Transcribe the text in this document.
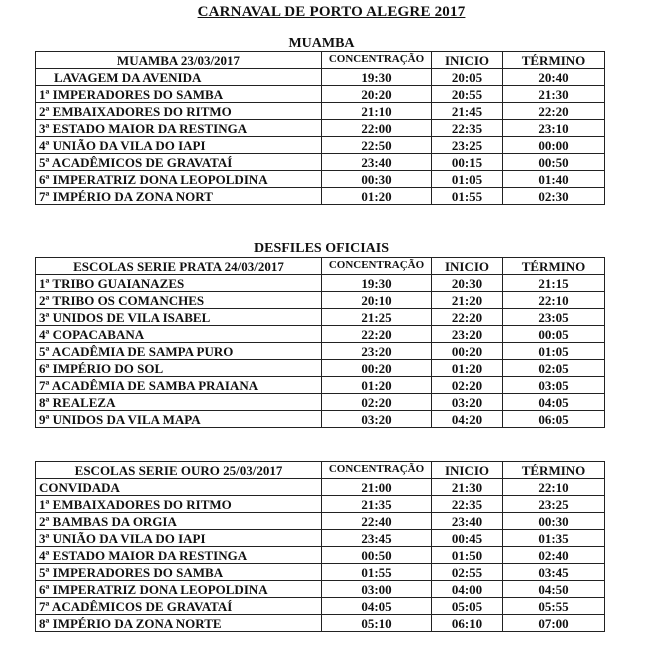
CARNAVAL DE PORTO ALEGRE 2017
MUAMBA
MUAMBA 23/03/2017	CONCENTRAÇÃO	INICIO	TÉRMINO
LAVAGEM DA AVENIDA	19:30	20:05	20:40
1ª IMPERADORES DO SAMBA	20:20	20:55	21:30
2ª EMBAIXADORES DO RITMO	21:10	21:45	22:20
3ª ESTADO MAIOR DA RESTINGA	22:00	22:35	23:10
4ª UNIÃO DA VILA DO IAPI	22:50	23:25	00:00
5ª ACADÊMICOS DE GRAVATAÍ	23:40	00:15	00:50
6ª IMPERATRIZ DONA LEOPOLDINA	00:30	01:05	01:40
7ª IMPÉRIO DA ZONA NORT	01:20	01:55	02:30
DESFILES OFICIAIS
ESCOLAS SERIE PRATA 24/03/2017	CONCENTRAÇÃO	INICIO	TÉRMINO
1ª TRIBO GUAIANAZES	19:30	20:30	21:15
2ª TRIBO OS COMANCHES	20:10	21:20	22:10
3ª UNIDOS DE VILA ISABEL	21:25	22:20	23:05
4ª COPACABANA	22:20	23:20	00:05
5ª ACADÊMIA DE SAMPA PURO	23:20	00:20	01:05
6ª IMPÉRIO DO SOL	00:20	01:20	02:05
7ª ACADÊMIA DE SAMBA PRAIANA	01:20	02:20	03:05
8ª REALEZA	02:20	03:20	04:05
9ª UNIDOS DA VILA MAPA	03:20	04:20	06:05
ESCOLAS SERIE OURO 25/03/2017	CONCENTRAÇÃO	INICIO	TÉRMINO
CONVIDADA	21:00	21:30	22:10
1ª EMBAIXADORES DO RITMO	21:35	22:35	23:25
2ª BAMBAS DA ORGIA	22:40	23:40	00:30
3ª UNIÃO DA VILA DO IAPI	23:45	00:45	01:35
4ª ESTADO MAIOR DA RESTINGA	00:50	01:50	02:40
5ª IMPERADORES DO SAMBA	01:55	02:55	03:45
6ª IMPERATRIZ DONA LEOPOLDINA	03:00	04:00	04:50
7ª ACADÊMICOS DE GRAVATAÍ	04:05	05:05	05:55
8ª IMPÉRIO DA ZONA NORTE	05:10	06:10	07:00
